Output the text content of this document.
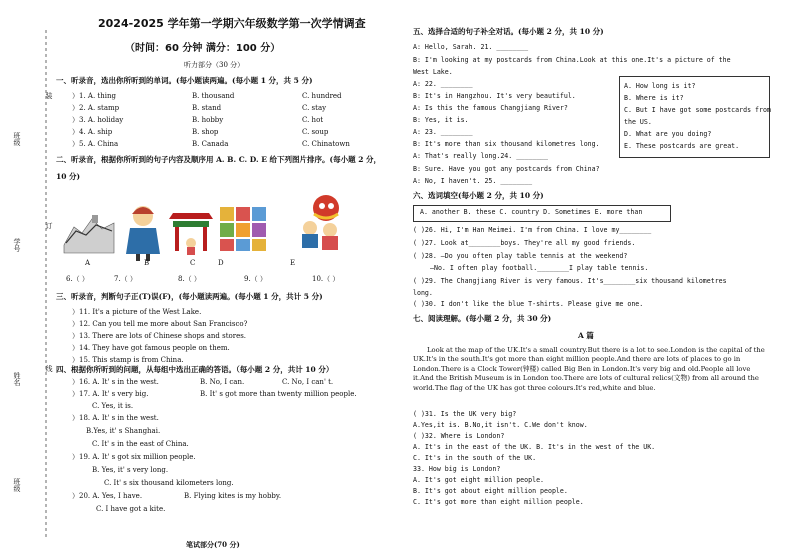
班级
学号
姓名
班级
装
订
线
2024-2025 学年第一学期六年级数学第一次学情调查
（时间：60 分钟 满分：100 分）
听力部分（30 分）
一、听录音，选出你所听到的单词。(每小题读两遍。(每小题 1 分，共 5 分)
）1. A. thing	B. thousand	C. hundred
）2. A. stamp	B. stand	C. stay
）3. A. holiday	B. hobby	C. hot
）4. A. ship	B. shop	C. soup
）5. A. China	B. Canada	C. Chinatown
二、听录音，根据你所听到的句子内容及顺序用 A. B. C. D. E 给下列图片排序。(每小题 2 分，
10 分)
A	B	C	D	E
6.（ ）	7.（ ）	8.（ ）	9.（ ）	10.（ ）
三、听录音，判断句子正(T)误(F)，(每小题读两遍。(每小题 1 分，共计 5 分)
）11. It's a picture of the West Lake.
）12. Can you tell me more about San Francisco?
）13. There are lots of Chinese shops and stores.
）14. They have got famous people on them.
）15. This stamp is from China.
四、根据你所听到的问题，从每组中选出正确的答语。（每小题 2 分，共计 10 分）
）16. A. It' s in the west.	B. No, I can.	C. No, I can' t.
）17. A. It' s very big.	B. It' s got more than twenty million people.
C. Yes, it is.
）18. A. It' s in the west.
B.Yes, it' s Shanghai.
C. It' s in the east of China.
）19. A. It' s got six million people.
B. Yes, it' s very long.
C. It' s six thousand kilometers long.
）20. A. Yes, I have.	B. Flying kites is my hobby.
C. I have got a kite.
笔试部分(70 分)
五、选择合适的句子补全对话。(每小题 2 分，共 10 分)
A: Hello, Sarah. 21. ________
B: I'm looking at my postcards from China.Look at this one.It's a picture of the
West Lake.
A: 22. ________
B: It's in Hangzhou. It's very beautiful.
A: Is this the famous Changjiang River?
B: Yes, it is.
A: 23. ________
B: It's more than six thousand kilometres long.
A: That's really long.24. ________
B: Sure. Have you got any postcards from China?
A: No, I haven't. 25. ________
A. How long is it?
B. Where is it?
C. But I have got some postcards from
the US.
D. What are you doing?
E. These postcards are great.
六、选词填空(每小题 2 分，共 10 分)
A. another B. these C. country D. Sometimes E. more than
( )26. Hi, I'm Han Meimei. I'm from China. I love my________
( )27. Look at________boys. They're all my good friends.
( )28. —Do you often play table tennis at the weekend?
—No. I often play football.________I play table tennis.
( )29. The Changjiang River is very famous. It's________six thousand kilometres
long.
( )30. I don't like the blue T-shirts. Please give me one.
七、阅读理解。(每小题 2 分，共 30 分)
A 篇
Look at the map of the UK.It's a small country.But there is a lot to see.London is the capital of the UK.It's in the south.It's got more than eight million people.And there are lots of places to go in London.There is a Clock Tower(钟楼) called Big Ben in London.It's very big and old.People all love it.And the British Museum is in London too.There are lots of cultural relics(文物) from all around the world.The flag of the UK has got three colours.It's red,white and blue.
( )31. Is the UK very big?
A.Yes,it is. B.No,it isn't. C.We don't know.
( )32. Where is London?
A. It's in the east of the UK. B. It's in the west of the UK.
C. It's in the south of the UK.
33. How big is London?
A. It's got eight million people.
B. It's got about eight million people.
C. It's got more than eight million people.
